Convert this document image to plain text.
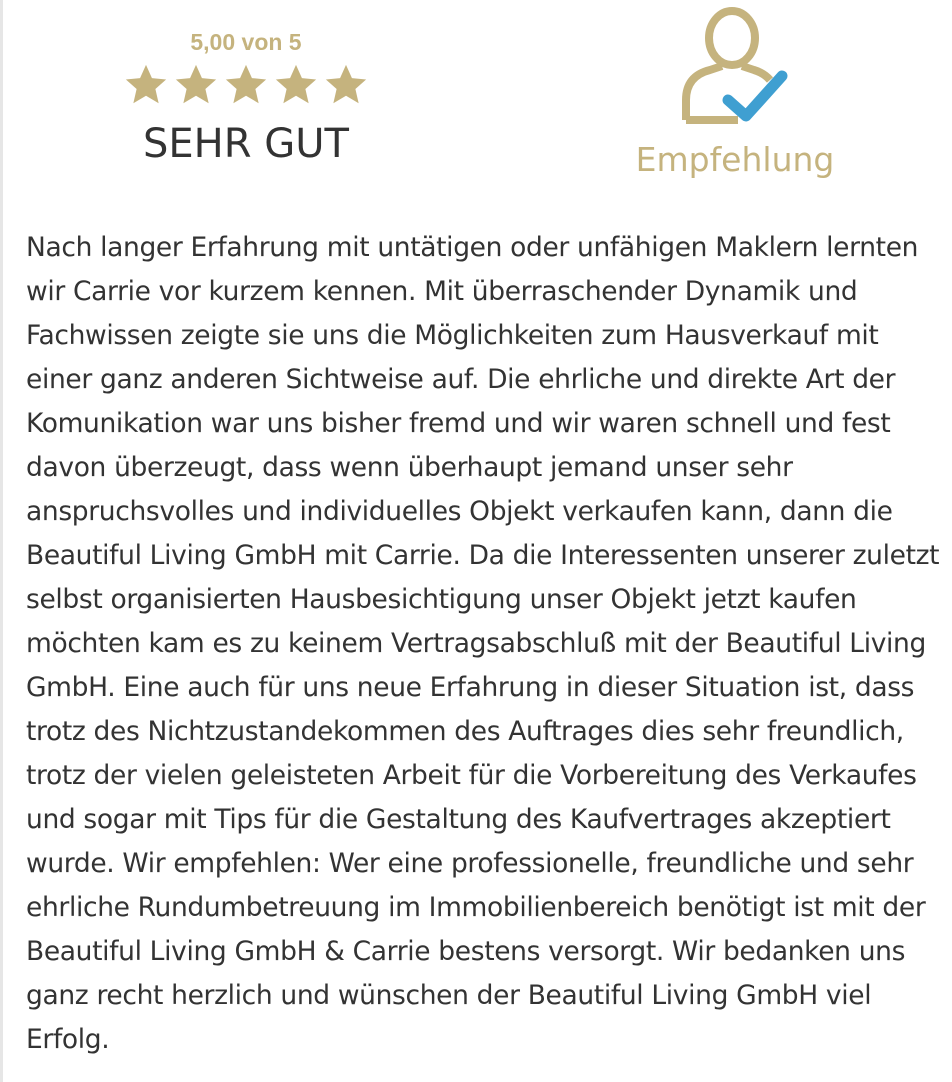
5,00 von 5

SEHR GUT	Empfehlung

Nach langer Erfahrung mit untätigen oder unfähigen Maklern lernten wir Carrie vor kurzem kennen. Mit überraschender Dynamik und Fachwissen zeigte sie uns die Möglichkeiten zum Hausverkauf mit einer ganz anderen Sichtweise auf. Die ehrliche und direkte Art der Komunikation war uns bisher fremd und wir waren schnell und fest davon überzeugt, dass wenn überhaupt jemand unser sehr anspruchsvolles und individuelles Objekt verkaufen kann, dann die Beautiful Living GmbH mit Carrie. Da die Interessenten unserer zuletzt selbst organisierten Hausbesichtigung unser Objekt jetzt kaufen möchten kam es zu keinem Vertragsabschluß mit der Beautiful Living GmbH. Eine auch für uns neue Erfahrung in dieser Situation ist, dass trotz des Nichtzustandekommen des Auftrages dies sehr freundlich, trotz der vielen geleisteten Arbeit für die Vorbereitung des Verkaufes und sogar mit Tips für die Gestaltung des Kaufvertrages akzeptiert wurde. Wir empfehlen: Wer eine professionelle, freundliche und sehr ehrliche Rundumbetreuung im Immobilienbereich benötigt ist mit der Beautiful Living GmbH & Carrie bestens versorgt. Wir bedanken uns ganz recht herzlich und wünschen der Beautiful Living GmbH viel Erfolg.
